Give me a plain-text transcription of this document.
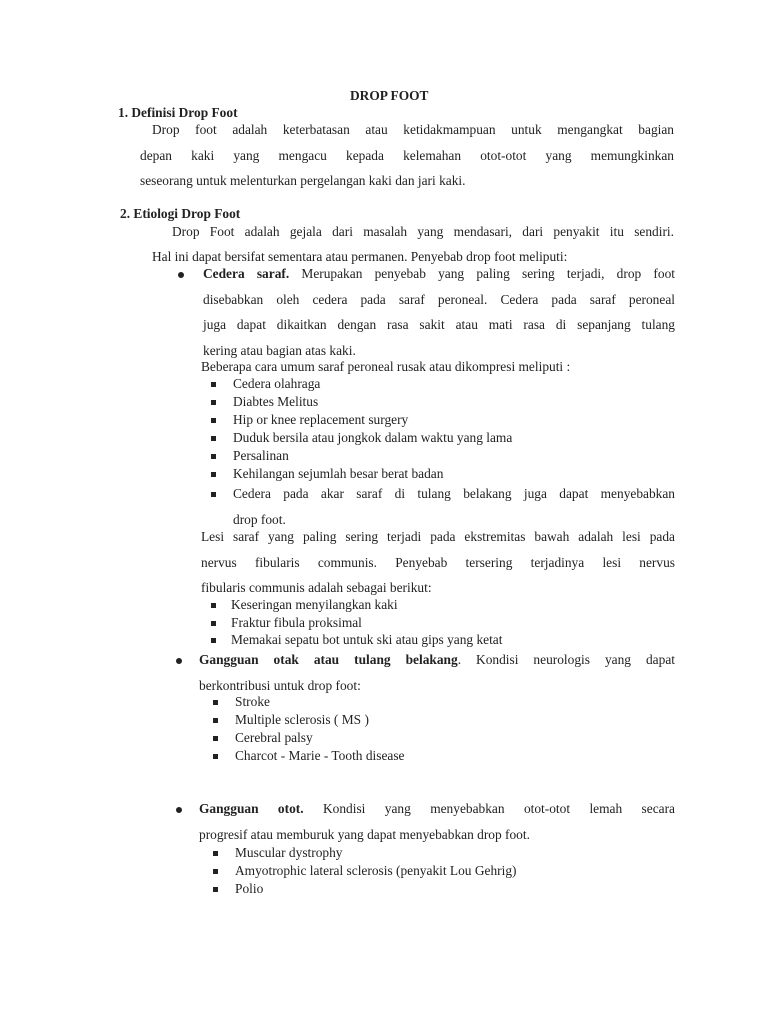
DROP FOOT
1. Definisi Drop Foot
Drop foot adalah keterbatasan atau ketidakmampuan untuk mengangkat bagian
depan kaki yang mengacu kepada kelemahan otot-otot yang memungkinkan
seseorang untuk melenturkan pergelangan kaki dan jari kaki.
2. Etiologi Drop Foot
Drop Foot adalah gejala dari masalah yang mendasari, dari penyakit itu sendiri.
Hal ini dapat bersifat sementara atau permanen. Penyebab drop foot meliputi:
Cedera saraf. Merupakan penyebab yang paling sering terjadi, drop foot
disebabkan oleh cedera pada saraf peroneal. Cedera pada saraf peroneal
juga dapat dikaitkan dengan rasa sakit atau mati rasa di sepanjang tulang
kering atau bagian atas kaki.
Beberapa cara umum saraf peroneal rusak atau dikompresi meliputi :
Cedera olahraga
Diabtes Melitus
Hip or knee replacement surgery
Duduk bersila atau jongkok dalam waktu yang lama
Persalinan
Kehilangan sejumlah besar berat badan
Cedera pada akar saraf di tulang belakang juga dapat menyebabkan
drop foot.
Lesi saraf yang paling sering terjadi pada ekstremitas bawah adalah lesi pada
nervus fibularis communis. Penyebab tersering terjadinya lesi nervus
fibularis communis adalah sebagai berikut:
Keseringan menyilangkan kaki
Fraktur fibula proksimal
Memakai sepatu bot untuk ski atau gips yang ketat
Gangguan otak atau tulang belakang. Kondisi neurologis yang dapat
berkontribusi untuk drop foot:
Stroke
Multiple sclerosis ( MS )
Cerebral palsy
Charcot - Marie - Tooth disease
Gangguan otot. Kondisi yang menyebabkan otot-otot lemah secara
progresif atau memburuk yang dapat menyebabkan drop foot.
Muscular dystrophy
Amyotrophic lateral sclerosis (penyakit Lou Gehrig)
Polio
